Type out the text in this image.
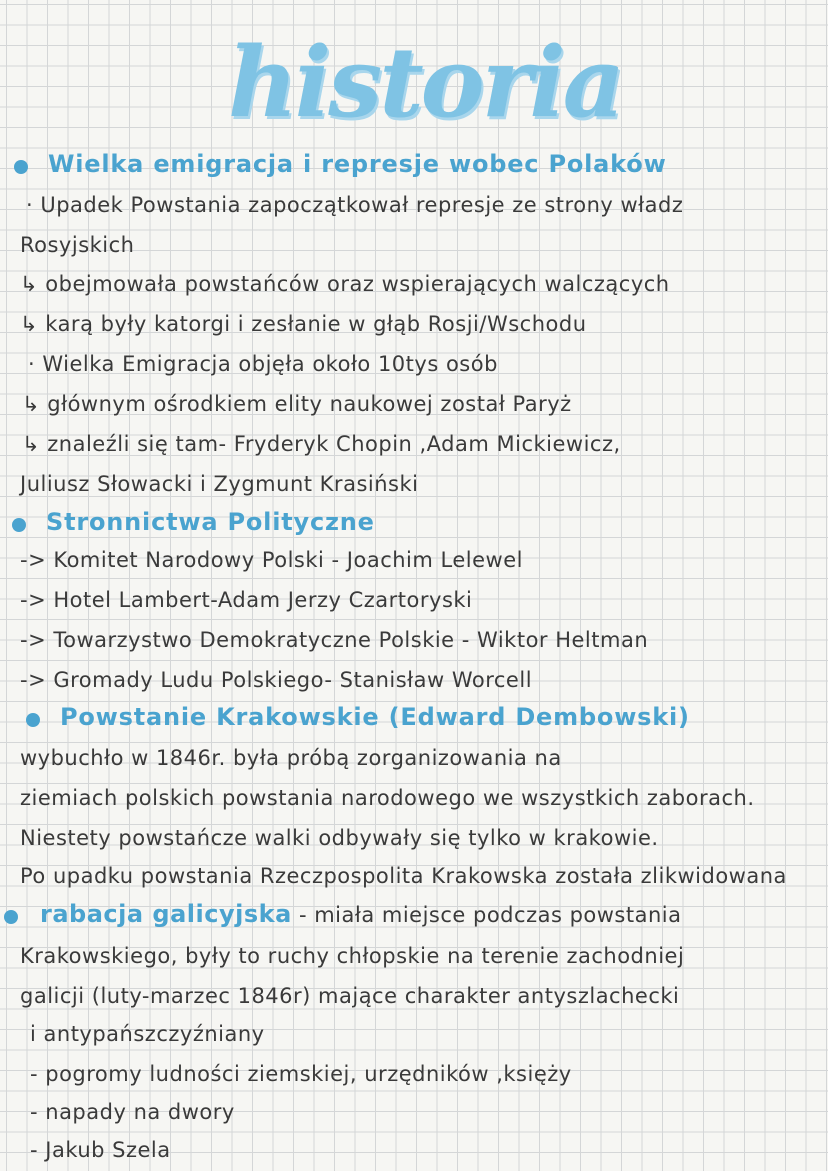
historia
Wielka emigracja i represje wobec Polaków
· Upadek Powstania zapoczątkował represje ze strony władz
Rosyjskich
↳ obejmowała powstańców oraz wspierających walczących
↳ karą były katorgi i zesłanie w głąb Rosji/Wschodu
· Wielka Emigracja objęła około 10tys osób
↳ głównym ośrodkiem elity naukowej został Paryż
↳ znaleźli się tam- Fryderyk Chopin ,Adam Mickiewicz,
Juliusz Słowacki i Zygmunt Krasiński
Stronnictwa Polityczne
-> Komitet Narodowy Polski - Joachim Lelewel
-> Hotel Lambert-Adam Jerzy Czartoryski
-> Towarzystwo Demokratyczne Polskie - Wiktor Heltman
-> Gromady Ludu Polskiego- Stanisław Worcell
Powstanie Krakowskie (Edward Dembowski)
wybuchło w 1846r. była próbą zorganizowania na
ziemiach polskich powstania narodowego we wszystkich zaborach.
Niestety powstańcze walki odbywały się tylko w krakowie.
Po upadku powstania Rzeczpospolita Krakowska została zlikwidowana
rabacja galicyjska - miała miejsce podczas powstania
Krakowskiego, były to ruchy chłopskie na terenie zachodniej
galicji (luty-marzec 1846r) mające charakter antyszlachecki
i antypańszczyźniany
- pogromy ludności ziemskiej, urzędników ,księży
- napady na dwory
- Jakub Szela
